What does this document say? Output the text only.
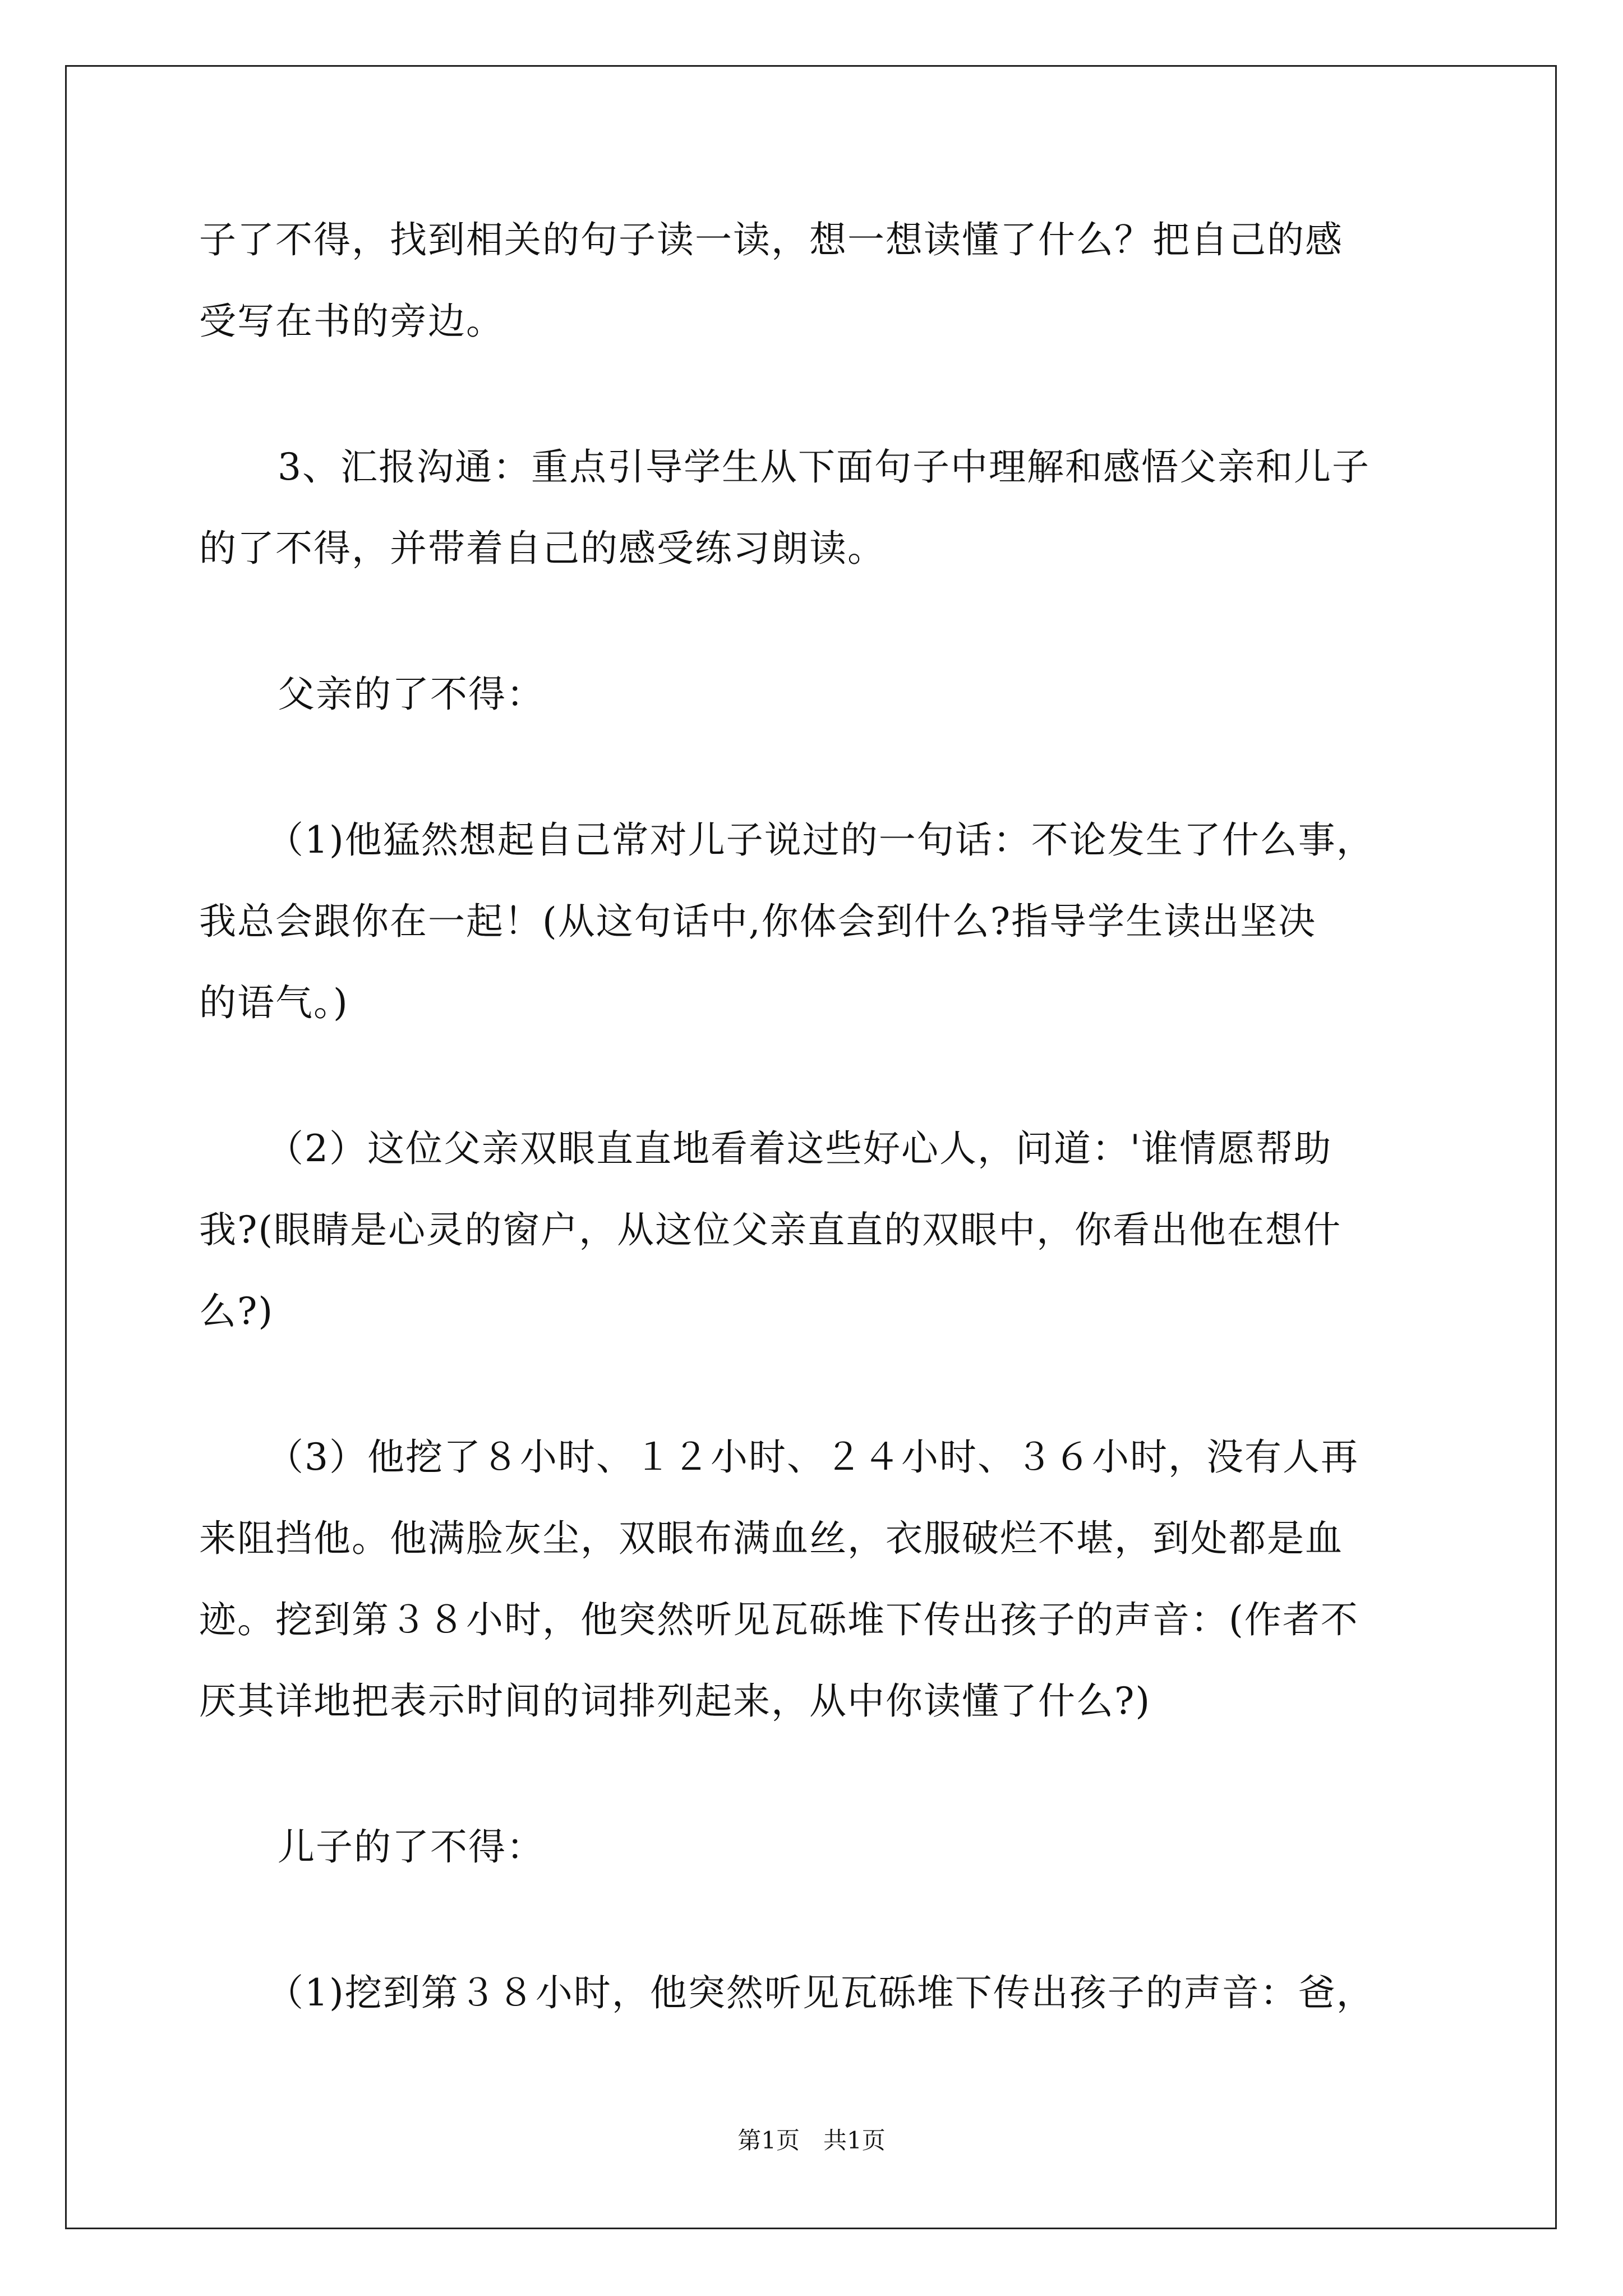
子了不得，找到相关的句子读一读，想一想读懂了什么？把自己的感
受写在书的旁边。
3、汇报沟通：重点引导学生从下面句子中理解和感悟父亲和儿子
的了不得，并带着自己的感受练习朗读。
父亲的了不得：
（1)他猛然想起自己常对儿子说过的一句话：不论发生了什么事，
我总会跟你在一起！(从这句话中,你体会到什么?指导学生读出坚决
的语气。)
（2）这位父亲双眼直直地看着这些好心人，问道：'谁情愿帮助
我?(眼睛是心灵的窗户，从这位父亲直直的双眼中，你看出他在想什
么?)
（3）他挖了８小时、１２小时、２４小时、３６小时，没有人再
来阻挡他。他满脸灰尘，双眼布满血丝，衣服破烂不堪，到处都是血
迹。挖到第３８小时，他突然听见瓦砾堆下传出孩子的声音：(作者不
厌其详地把表示时间的词排列起来，从中你读懂了什么?)
儿子的了不得：
（1)挖到第３８小时，他突然听见瓦砾堆下传出孩子的声音：爸，
第1页　共1页
